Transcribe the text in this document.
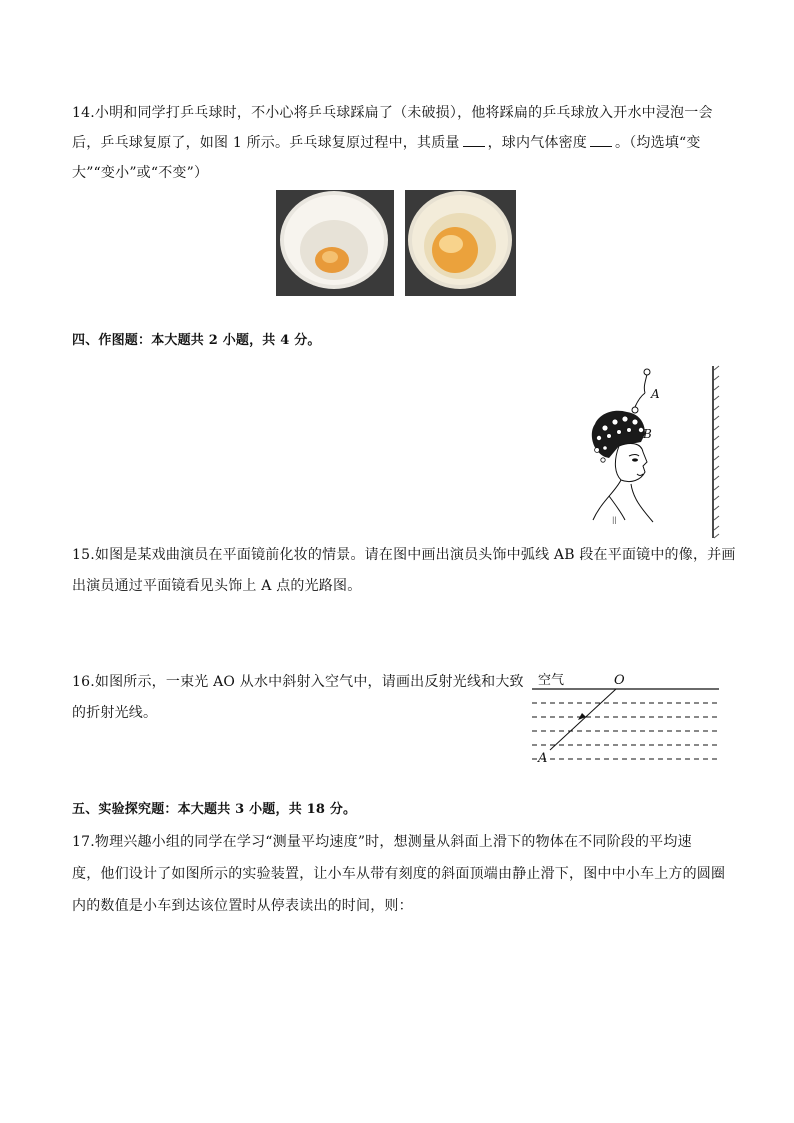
14.小明和同学打乒乓球时，不小心将乒乓球踩扁了（未破损），他将踩扁的乒乓球放入开水中浸泡一会
后，乒乓球复原了，如图 1 所示。乒乓球复原过程中，其质量 ，球内气体密度 。（均选填“变
大”“变小”或“不变”）
四、作图题：本大题共 2 小题，共 4 分。
||
A
B
15.如图是某戏曲演员在平面镜前化妆的情景。请在图中画出演员头饰中弧线 AB 段在平面镜中的像，并画
出演员通过平面镜看见头饰上 A 点的光路图。
16.如图所示，一束光 AO 从水中斜射入空气中，请画出反射光线和大致
的折射光线。
空气	O
A
五、实验探究题：本大题共 3 小题，共 18 分。
17.物理兴趣小组的同学在学习“测量平均速度”时，想测量从斜面上滑下的物体在不同阶段的平均速
度，他们设计了如图所示的实验装置，让小车从带有刻度的斜面顶端由静止滑下，图中中小车上方的圆圈
内的数值是小车到达该位置时从停表读出的时间，则：
